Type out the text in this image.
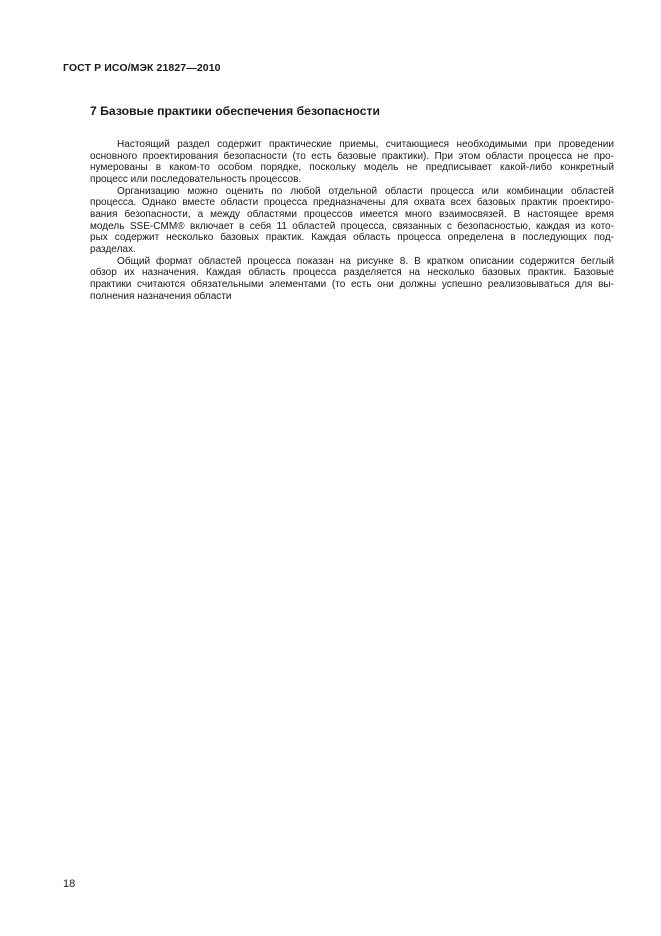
ГОСТ Р ИСО/МЭК 21827—2010
7 Базовые практики обеспечения безопасности
Настоящий раздел содержит практические приемы, считающиеся необходимыми при проведении
основного проектирования безопасности (то есть базовые практики). При этом области процесса не про-
нумерованы в каком-то особом порядке, поскольку модель не предписывает какой-либо конкретный
процесс или последовательность процессов.
Организацию можно оценить по любой отдельной области процесса или комбинации областей
процесса. Однако вместе области процесса предназначены для охвата всех базовых практик проектиро-
вания безопасности, а между областями процессов имеется много взаимосвязей. В настоящее время
модель SSE-CMM® включает в себя 11 областей процесса, связанных с безопасностью, каждая из кото-
рых содержит несколько базовых практик. Каждая область процесса определена в последующих под-
разделах.
Общий формат областей процесса показан на рисунке 8. В кратком описании содержится беглый
обзор их назначения. Каждая область процесса разделяется на несколько базовых практик. Базовые
практики считаются обязательными элементами (то есть они должны успешно реализовываться для вы-
полнения назначения области
18
